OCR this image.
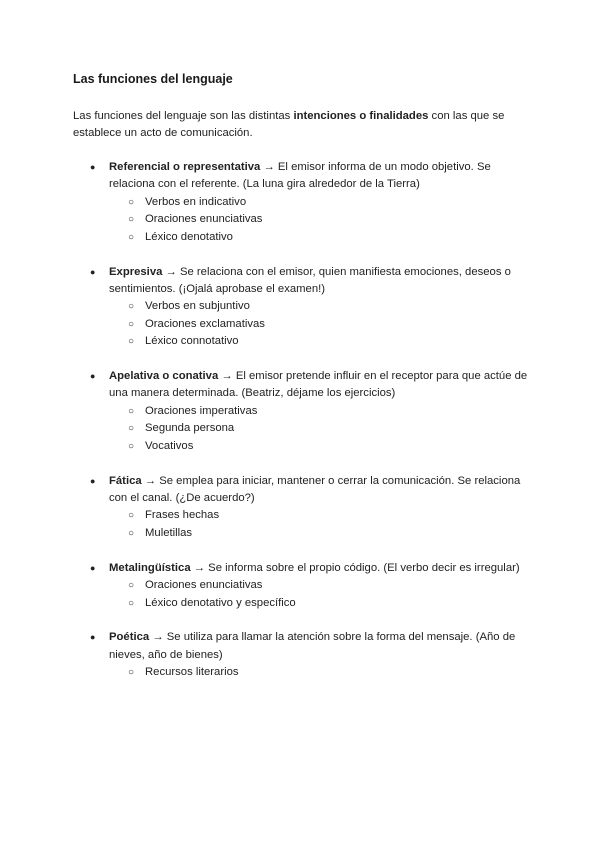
Las funciones del lenguaje

Las funciones del lenguaje son las distintas intenciones o finalidades con las que se establece un acto de comunicación.

● Referencial o representativa → El emisor informa de un modo objetivo. Se relaciona con el referente. (La luna gira alrededor de la Tierra)
○ Verbos en indicativo
○ Oraciones enunciativas
○ Léxico denotativo
● Expresiva → Se relaciona con el emisor, quien manifiesta emociones, deseos o sentimientos. (¡Ojalá aprobase el examen!)
○ Verbos en subjuntivo
○ Oraciones exclamativas
○ Léxico connotativo
● Apelativa o conativa → El emisor pretende influir en el receptor para que actúe de una manera determinada. (Beatriz, déjame los ejercicios)
○ Oraciones imperativas
○ Segunda persona
○ Vocativos
● Fática → Se emplea para iniciar, mantener o cerrar la comunicación. Se relaciona con el canal. (¿De acuerdo?)
○ Frases hechas
○ Muletillas
● Metalingüística → Se informa sobre el propio código. (El verbo decir es irregular)
○ Oraciones enunciativas
○ Léxico denotativo y específico
● Poética → Se utiliza para llamar la atención sobre la forma del mensaje. (Año de nieves, año de bienes)
○ Recursos literarios
